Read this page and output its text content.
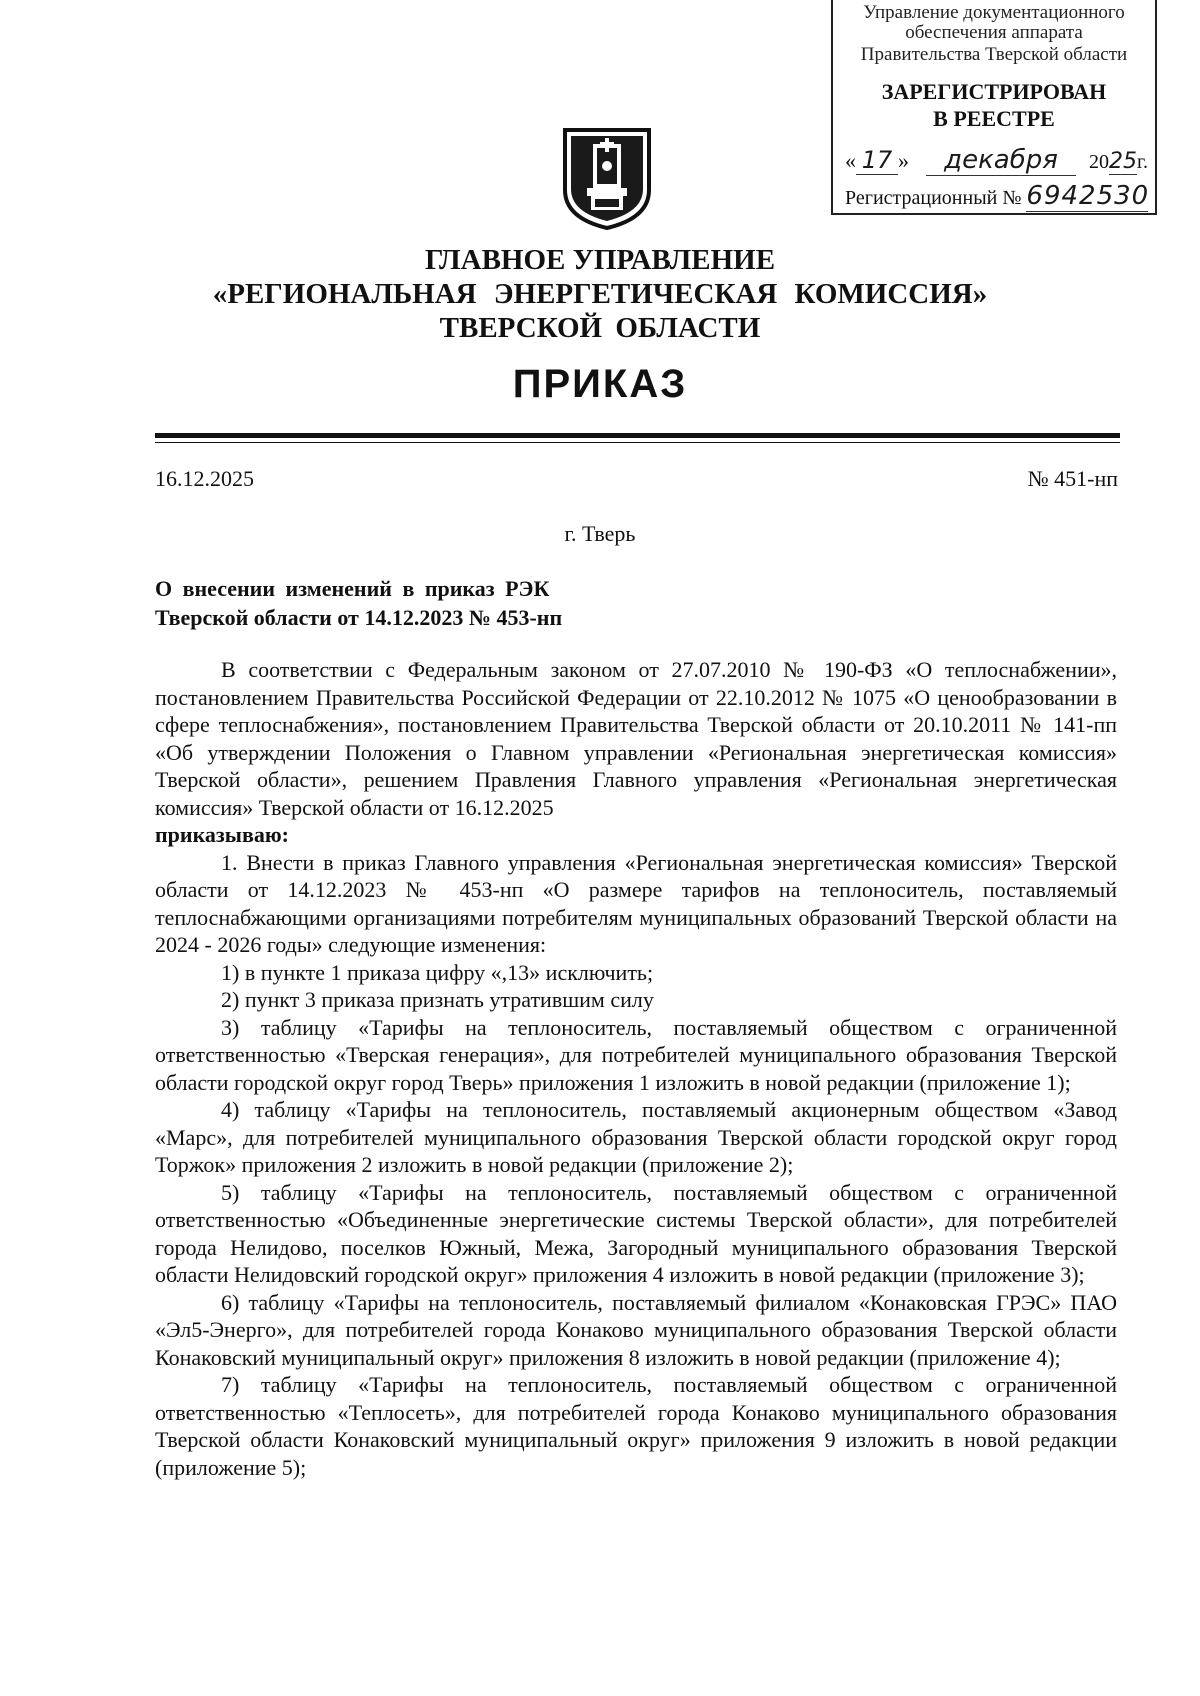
Управление документационного
обеспечения аппарата
Правительства Тверской области
ЗАРЕГИСТРИРОВАН
В РЕЕСТРЕ
« 17 » декабря 2025г.
Регистрационный № 6942530
ГЛАВНОЕ УПРАВЛЕНИЕ
«РЕГИОНАЛЬНАЯ ЭНЕРГЕТИЧЕСКАЯ КОМИССИЯ»
ТВЕРСКОЙ ОБЛАСТИ
ПРИКАЗ
16.12.2025	№ 451-нп
г. Тверь
О внесении изменений в приказ РЭК
Тверской области от 14.12.2023 № 453-нп

В соответствии с Федеральным законом от 27.07.2010 № 190-ФЗ «О теплоснабжении», постановлением Правительства Российской Федерации от 22.10.2012 № 1075 «О ценообразовании в сфере теплоснабжения», постановлением Правительства Тверской области от 20.10.2011 № 141-пп «Об утверждении Положения о Главном управлении «Региональная энергетическая комиссия» Тверской области», решением Правления Главного управления «Региональная энергетическая комиссия» Тверской области от 16.12.2025

приказываю:

1. Внести в приказ Главного управления «Региональная энергетическая комиссия» Тверской области от 14.12.2023 № 453-нп «О размере тарифов на теплоноситель, поставляемый теплоснабжающими организациями потребителям муниципальных образований Тверской области на 2024 - 2026 годы» следующие изменения:

1) в пункте 1 приказа цифру «,13» исключить;

2) пункт 3 приказа признать утратившим силу

3) таблицу «Тарифы на теплоноситель, поставляемый обществом с ограниченной ответственностью «Тверская генерация», для потребителей муниципального образования Тверской области городской округ город Тверь» приложения 1 изложить в новой редакции (приложение 1);

4) таблицу «Тарифы на теплоноситель, поставляемый акционерным обществом «Завод «Марс», для потребителей муниципального образования Тверской области городской округ город Торжок» приложения 2 изложить в новой редакции (приложение 2);

5) таблицу «Тарифы на теплоноситель, поставляемый обществом с ограниченной ответственностью «Объединенные энергетические системы Тверской области», для потребителей города Нелидово, поселков Южный, Межа, Загородный муниципального образования Тверской области Нелидовский городской округ» приложения 4 изложить в новой редакции (приложение 3);

6) таблицу «Тарифы на теплоноситель, поставляемый филиалом «Конаковская ГРЭС» ПАО «Эл5-Энерго», для потребителей города Конаково муниципального образования Тверской области Конаковский муниципальный округ» приложения 8 изложить в новой редакции (приложение 4);

7) таблицу «Тарифы на теплоноситель, поставляемый обществом с ограниченной ответственностью «Теплосеть», для потребителей города Конаково муниципального образования Тверской области Конаковский муниципальный округ» приложения 9 изложить в новой редакции (приложение 5);
